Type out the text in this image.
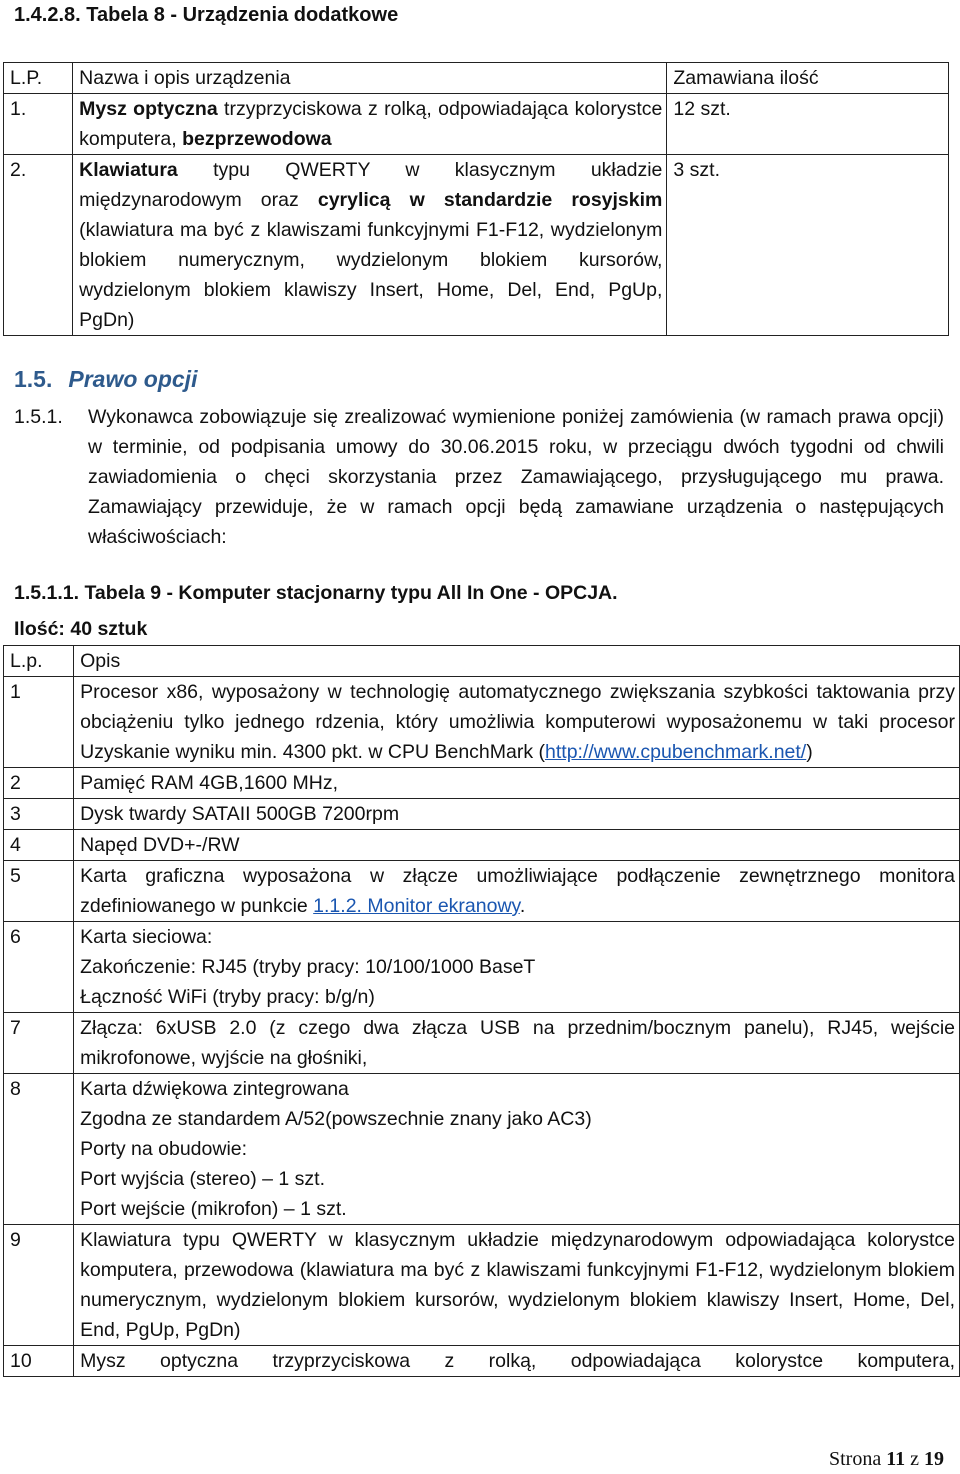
1.4.2.8. Tabela 8 - Urządzenia dodatkowe
L.P.	Nazwa i opis urządzenia	Zamawiana ilość
1.	Mysz optyczna trzyprzyciskowa z rolką, odpowiadająca kolorystce komputera, bezprzewodowa	12 szt.
2.	Klawiatura typu QWERTY w klasycznym układzie międzynarodowym oraz cyrylicą w standardzie rosyjskim (klawiatura ma być z klawiszami funkcyjnymi F1-F12, wydzielonym blokiem numerycznym, wydzielonym blokiem kursorów, wydzielonym blokiem klawiszy Insert, Home, Del, End, PgUp, PgDn)	3 szt.
1.5. Prawo opcji
1.5.1. Wykonawca zobowiązuje się zrealizować wymienione poniżej zamówienia (w ramach prawa opcji) w terminie, od podpisania umowy do 30.06.2015 roku, w przeciągu dwóch tygodni od chwili zawiadomienia o chęci skorzystania przez Zamawiającego, przysługującego mu prawa. Zamawiający przewiduje, że w ramach opcji będą zamawiane urządzenia o następujących właściwościach:
1.5.1.1. Tabela 9 - Komputer stacjonarny typu All In One - OPCJA.
Ilość: 40 sztuk
L.p.	Opis
1	Procesor x86, wyposażony w technologię automatycznego zwiększania szybkości taktowania przy obciążeniu tylko jednego rdzenia, który umożliwia komputerowi wyposażonemu w taki procesor Uzyskanie wyniku min. 4300 pkt. w CPU BenchMark (http://www.cpubenchmark.net/)
2	Pamięć RAM 4GB,1600 MHz,
3	Dysk twardy SATAII 500GB 7200rpm
4	Napęd DVD+-/RW
5	Karta graficzna wyposażona w złącze umożliwiające podłączenie zewnętrznego monitora zdefiniowanego w punkcie 1.1.2. Monitor ekranowy.
6	Karta sieciowa:
Zakończenie: RJ45 (tryby pracy: 10/100/1000 BaseT
Łączność WiFi (tryby pracy: b/g/n)

7	Złącza: 6xUSB 2.0 (z czego dwa złącza USB na przednim/bocznym panelu), RJ45, wejście mikrofonowe, wyjście na głośniki,
8	Karta dźwiękowa zintegrowana
Zgodna ze standardem A/52(powszechnie znany jako AC3)
Porty na obudowie:
Port wyjścia (stereo) – 1 szt.
Port wejście (mikrofon) – 1 szt.

9	Klawiatura typu QWERTY w klasycznym układzie międzynarodowym odpowiadająca kolorystce komputera, przewodowa (klawiatura ma być z klawiszami funkcyjnymi F1-F12, wydzielonym blokiem numerycznym, wydzielonym blokiem kursorów, wydzielonym blokiem klawiszy Insert, Home, Del, End, PgUp, PgDn)
10	Mysz optyczna trzyprzyciskowa z rolką, odpowiadająca kolorystce komputera,
Strona 11 z 19
